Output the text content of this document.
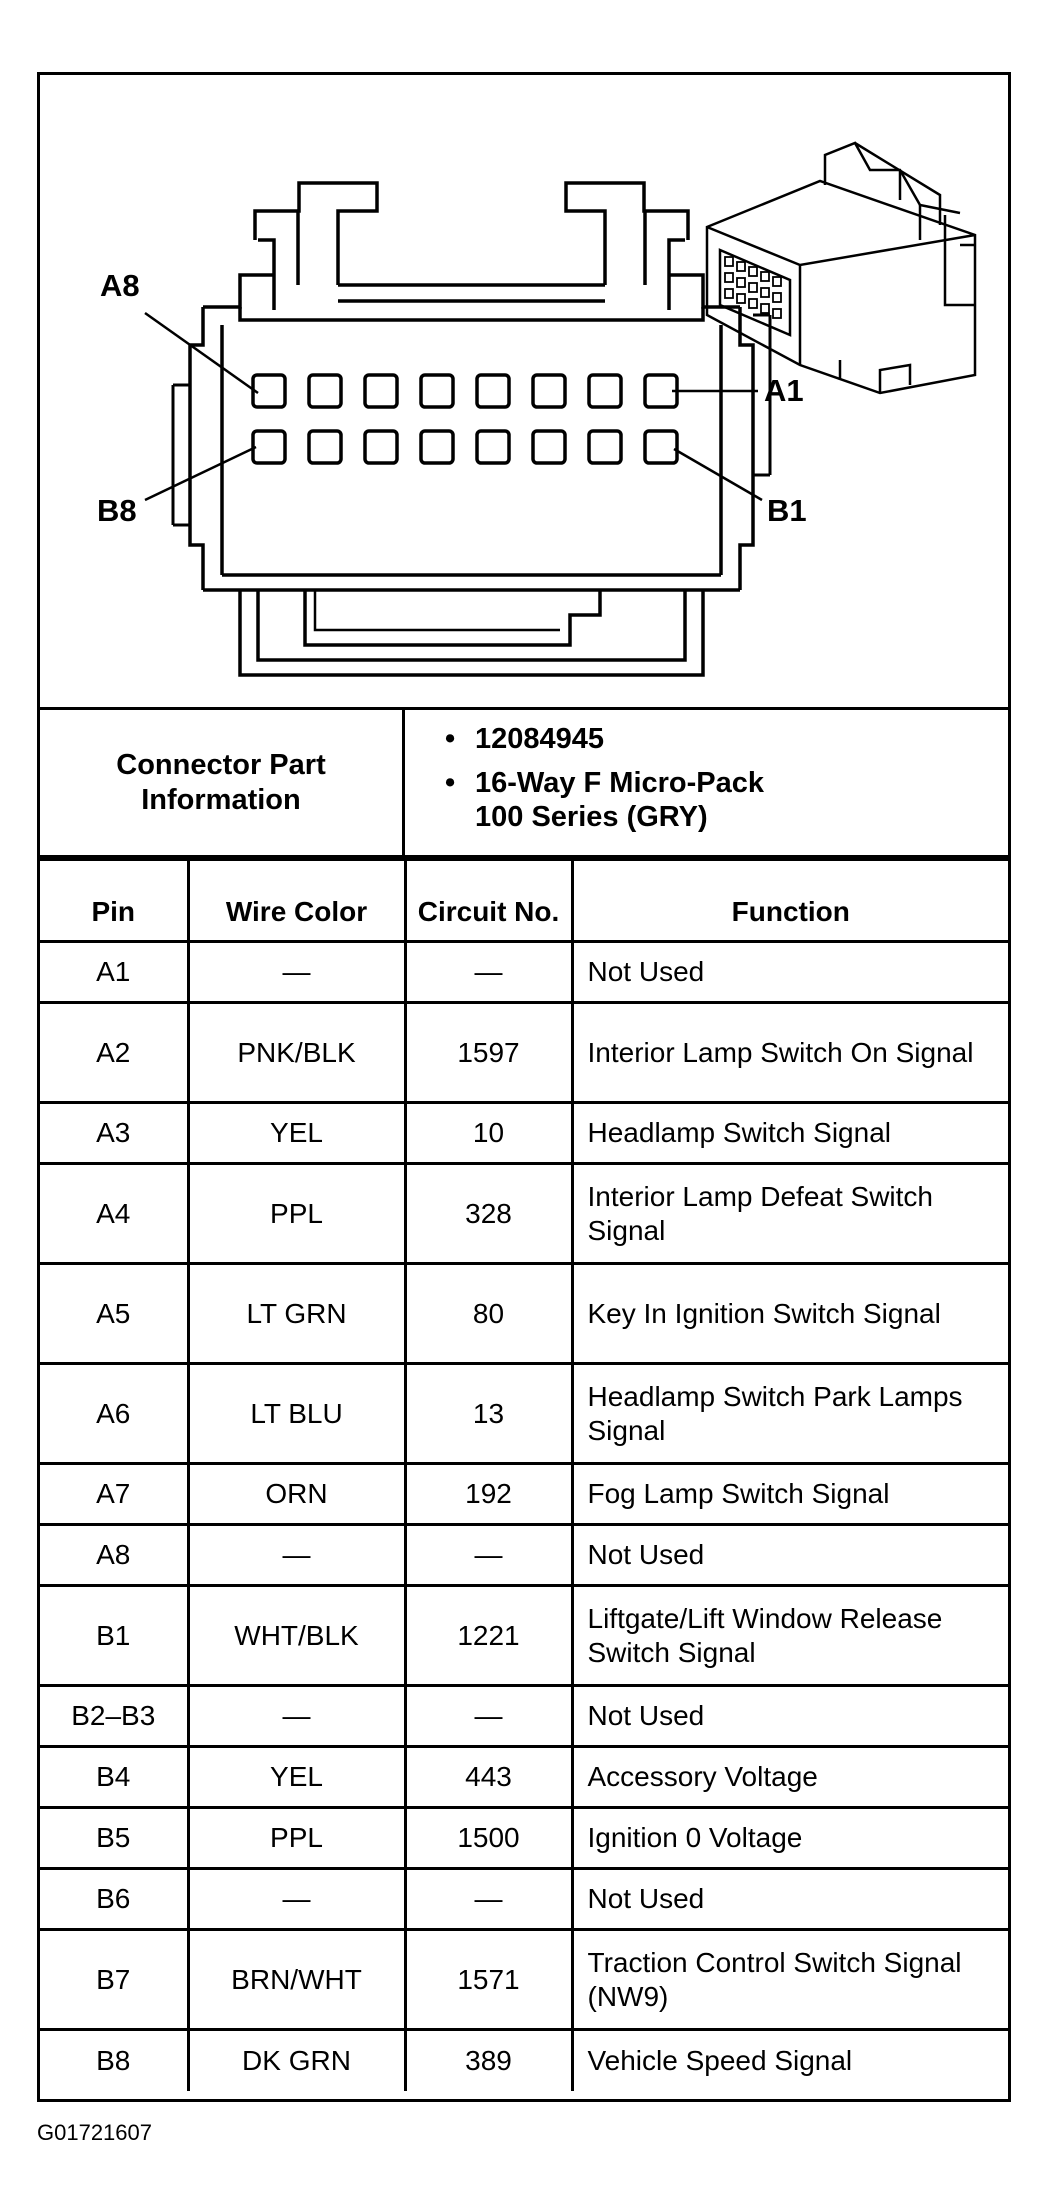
A8
A1
B8	B1
Connector Part Information
• 12084945
• 16-Way F Micro-Pack
100 Series (GRY)
Pin	Wire Color	Circuit No.	Function
A1	—	—	Not Used
A2	PNK/BLK	1597	Interior Lamp Switch On Signal
A3	YEL	10	Headlamp Switch Signal
A4	PPL	328	Interior Lamp Defeat Switch Signal
A5	LT GRN	80	Key In Ignition Switch Signal
A6	LT BLU	13	Headlamp Switch Park Lamps Signal
A7	ORN	192	Fog Lamp Switch Signal
A8	—	—	Not Used
B1	WHT/BLK	1221	Liftgate/Lift Window Release Switch Signal
B2–B3	—	—	Not Used
B4	YEL	443	Accessory Voltage
B5	PPL	1500	Ignition 0 Voltage
B6	—	—	Not Used
B7	BRN/WHT	1571	Traction Control Switch Signal (NW9)
B8	DK GRN	389	Vehicle Speed Signal
G01721607
